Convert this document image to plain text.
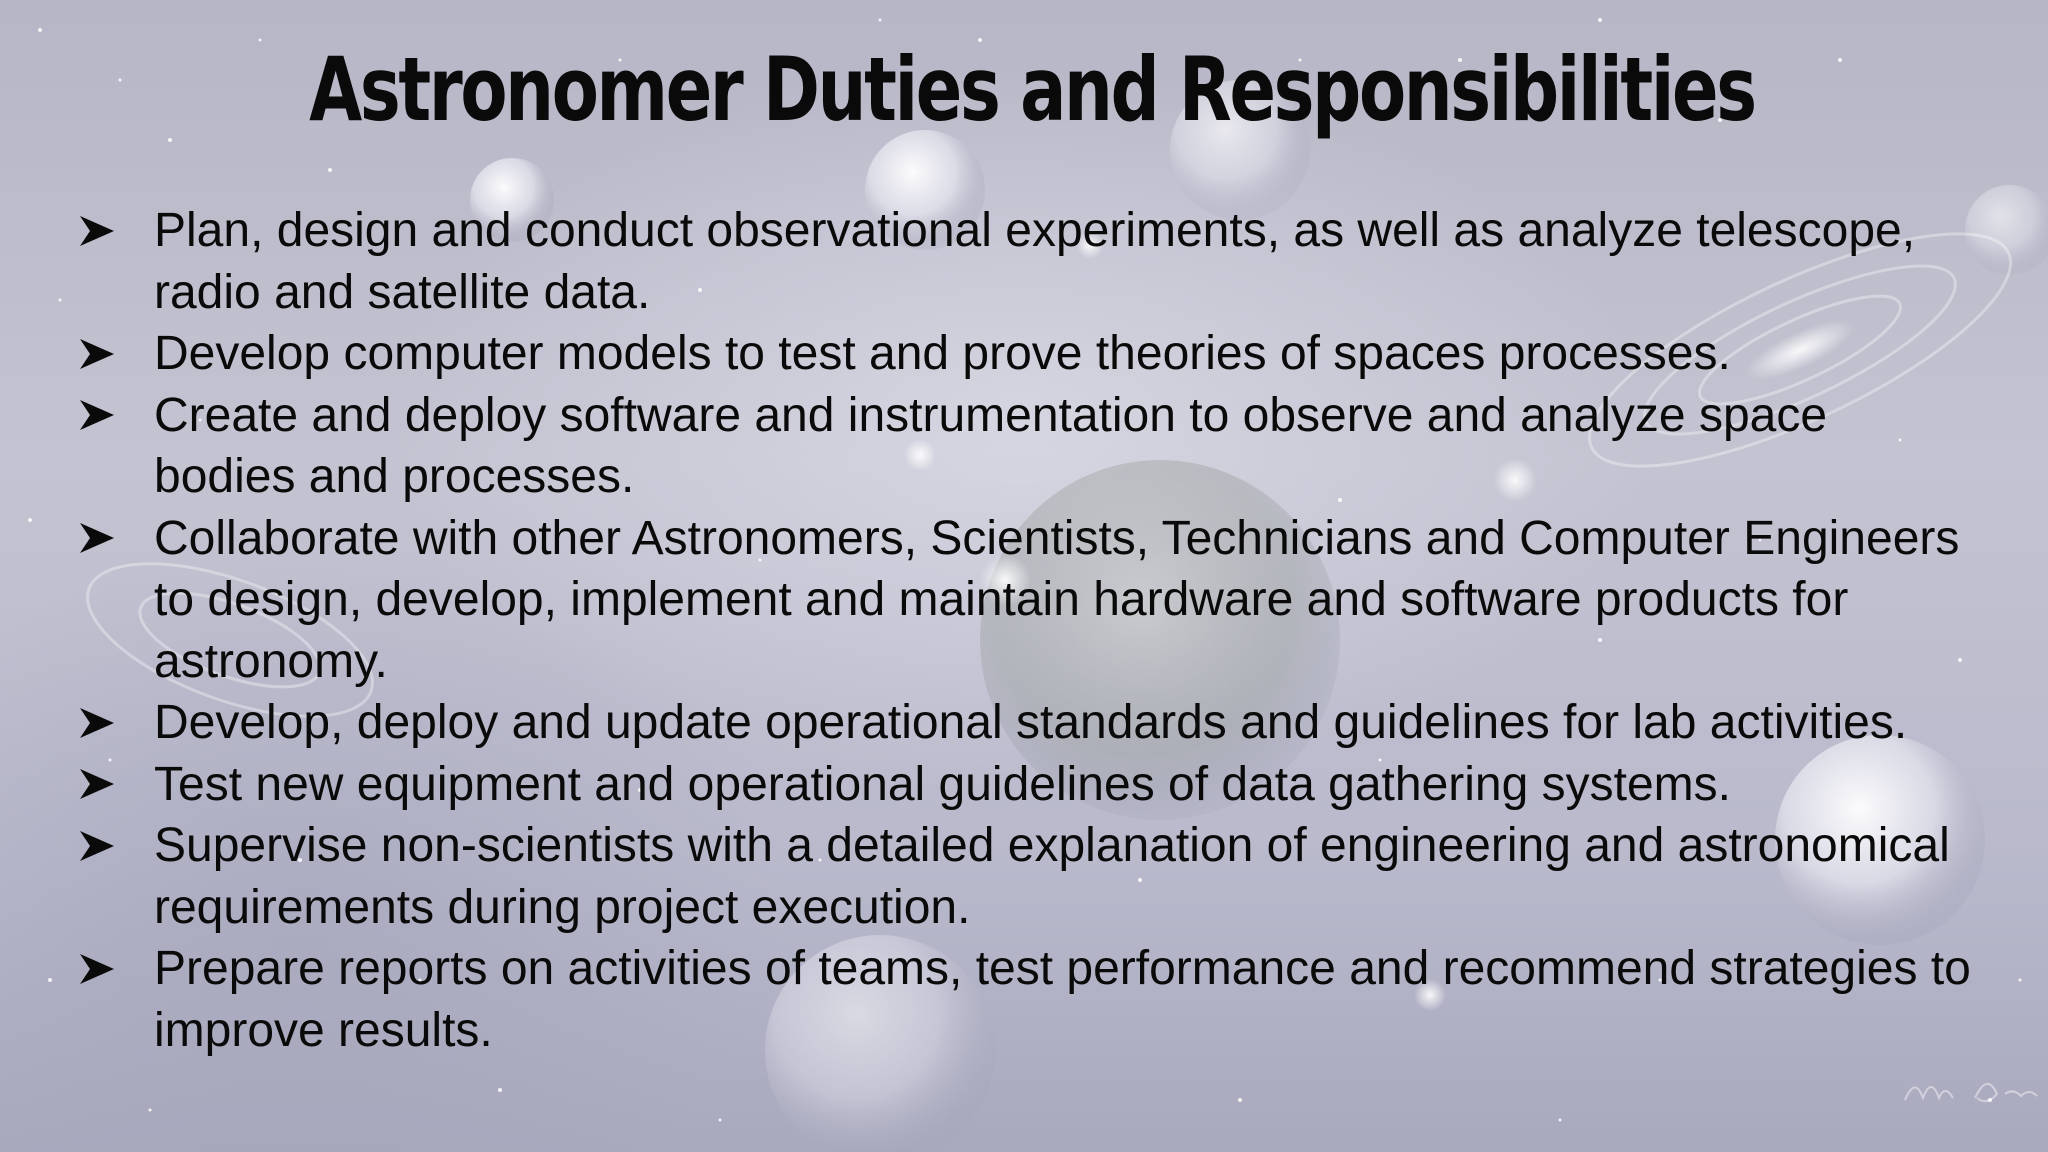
Astronomer Duties and Responsibilities
Plan, design and conduct observational experiments, as well as analyze telescope, radio and satellite data.
Develop computer models to test and prove theories of spaces processes.
Create and deploy software and instrumentation to observe and analyze space bodies and processes.
Collaborate with other Astronomers, Scientists, Technicians and Computer Engineers to design, develop, implement and maintain hardware and software products for astronomy.
Develop, deploy and update operational standards and guidelines for lab activities.
Test new equipment and operational guidelines of data gathering systems.
Supervise non-scientists with a detailed explanation of engineering and astronomical requirements during project execution.
Prepare reports on activities of teams, test performance and recommend strategies to improve results.
